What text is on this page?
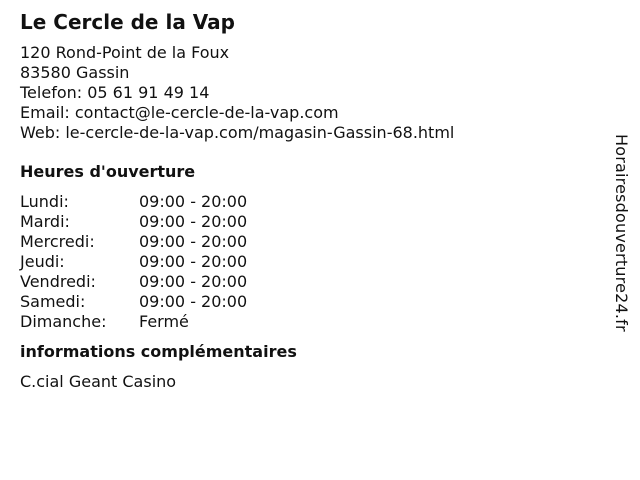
Le Cercle de la Vap
120 Rond-Point de la Foux
83580 Gassin
Telefon: 05 61 91 49 14
Email: contact@le-cercle-de-la-vap.com
Web: le-cercle-de-la-vap.com/magasin-Gassin-68.html
Heures d'ouverture
Lundi:	09:00 - 20:00
Mardi:	09:00 - 20:00
Mercredi:	09:00 - 20:00
Jeudi:	09:00 - 20:00
Vendredi:	09:00 - 20:00
Samedi:	09:00 - 20:00
Dimanche:	Fermé
informations complémentaires
C.cial Geant Casino
Horairesdouverture24.fr
